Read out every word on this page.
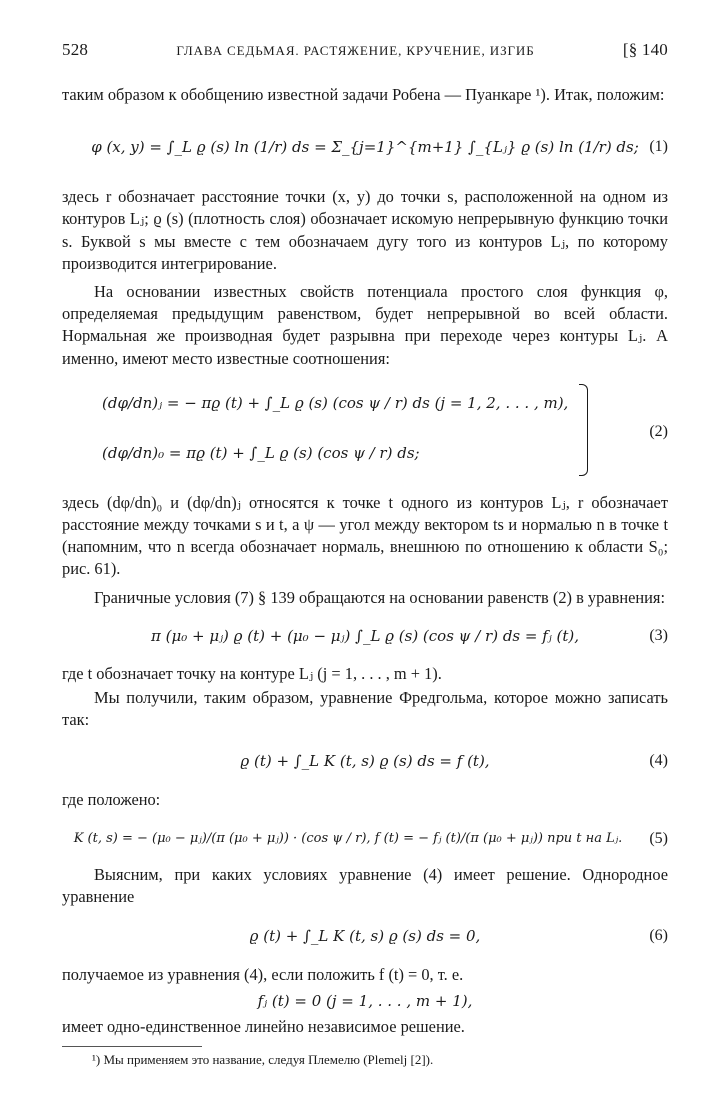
528	ГЛАВА СЕДЬМАЯ. РАСТЯЖЕНИЕ, КРУЧЕНИЕ, ИЗГИБ	[§ 140

таким образом к обобщению известной задачи Робена — Пуанкаре ¹). Итак, положим:

φ (x, y) = ∫_L ϱ (s) ln (1/r) ds = Σ_{j=1}^{m+1} ∫_{Lⱼ} ϱ (s) ln (1/r) ds; (1)

здесь r обозначает расстояние точки (x, y) до точки s, расположенной на одном из контуров Lⱼ; ϱ (s) (плотность слоя) обозначает искомую непрерывную функцию точки s. Буквой s мы вместе с тем обозначаем дугу того из контуров Lⱼ, по которому производится интегрирование.

На основании известных свойств потенциала простого слоя функция φ, определяемая предыдущим равенством, будет непрерывной во всей области. Нормальная же производная будет разрывна при переходе через контуры Lⱼ. А именно, имеют место известные соотношения:

(dφ/dn)ⱼ = − πϱ (t) + ∫_L ϱ (s) (cos ψ / r) ds (j = 1, 2, . . . , m),
(dφ/dn)₀ = πϱ (t) + ∫_L ϱ (s) (cos ψ / r) ds;
(2)

здесь (dφ/dn)₀ и (dφ/dn)ⱼ относятся к точке t одного из контуров Lⱼ, r обозначает расстояние между точками s и t, а ψ — угол между вектором ts и нормалью n в точке t (напомним, что n всегда обозначает нормаль, внешнюю по отношению к области S₀; рис. 61).

Граничные условия (7) § 139 обращаются на основании равенств (2) в уравнения:

π (μ₀ + μⱼ) ϱ (t) + (μ₀ − μⱼ) ∫_L ϱ (s) (cos ψ / r) ds = fⱼ (t),	(3)

где t обозначает точку на контуре Lⱼ (j = 1, . . . , m + 1).

Мы получили, таким образом, уравнение Фредгольма, которое можно записать так:

ϱ (t) + ∫_L K (t, s) ϱ (s) ds = f (t),	(4)

где положено:

K (t, s) = − (μ₀ − μⱼ)/(π (μ₀ + μⱼ)) · (cos ψ / r), f (t) = − fⱼ (t)/(π (μ₀ + μⱼ)) при t на Lⱼ.	(5)

Выясним, при каких условиях уравнение (4) имеет решение. Однородное уравнение

ϱ (t) + ∫_L K (t, s) ϱ (s) ds = 0,	(6)

получаемое из уравнения (4), если положить f (t) = 0, т. е.

fⱼ (t) = 0 (j = 1, . . . , m + 1),

имеет одно-единственное линейно независимое решение.

¹) Мы применяем это название, следуя Племелю (Plemelj [2]).
